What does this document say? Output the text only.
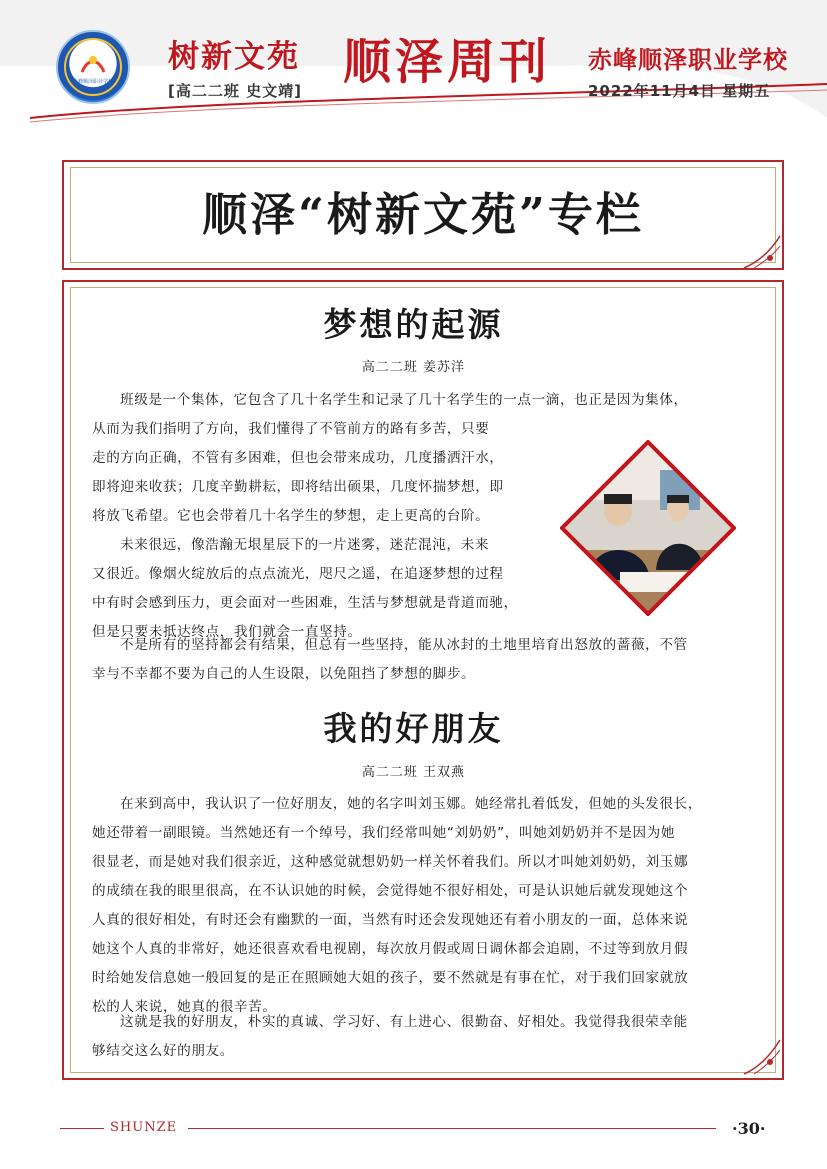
赤峰顺泽职业学校
树新文苑
[高二二班 史文靖]
顺泽周刊 赤峰顺泽职业学校
2022年11月4日 星期五
顺泽“树新文苑”专栏
梦想的起源
高二二班 姜苏洋
班级是一个集体，它包含了几十名学生和记录了几十名学生的一点一滴，也正是因为集体，
从而为我们指明了方向，我们懂得了不管前方的路有多苦，只要
走的方向正确，不管有多困难，但也会带来成功，几度播洒汗水，
即将迎来收获；几度辛勤耕耘，即将结出硕果，几度怀揣梦想，即
将放飞希望。它也会带着几十名学生的梦想，走上更高的台阶。
未来很远，像浩瀚无垠星辰下的一片迷雾，迷茫混沌，未来
又很近。像烟火绽放后的点点流光，咫尺之遥，在追逐梦想的过程
中有时会感到压力，更会面对一些困难，生活与梦想就是背道而驰，
但是只要未抵达终点，我们就会一直坚持。
不是所有的坚持都会有结果，但总有一些坚持，能从冰封的土地里培育出怒放的蔷薇，不管
幸与不幸都不要为自己的人生设限，以免阻挡了梦想的脚步。
我的好朋友
高二二班 王双燕
在来到高中，我认识了一位好朋友，她的名字叫刘玉娜。她经常扎着低发，但她的头发很长，
她还带着一副眼镜。当然她还有一个绰号，我们经常叫她“刘奶奶”，叫她刘奶奶并不是因为她
很显老，而是她对我们很亲近，这种感觉就想奶奶一样关怀着我们。所以才叫她刘奶奶，刘玉娜
的成绩在我的眼里很高，在不认识她的时候，会觉得她不很好相处，可是认识她后就发现她这个
人真的很好相处，有时还会有幽默的一面，当然有时还会发现她还有着小朋友的一面，总体来说
她这个人真的非常好，她还很喜欢看电视剧，每次放月假或周日调休都会追剧，不过等到放月假
时给她发信息她一般回复的是正在照顾她大姐的孩子，要不然就是有事在忙，对于我们回家就放
松的人来说，她真的很辛苦。
这就是我的好朋友，朴实的真诚、学习好、有上进心、很勤奋、好相处。我觉得我很荣幸能
够结交这么好的朋友。
SHUNZE	·30·
